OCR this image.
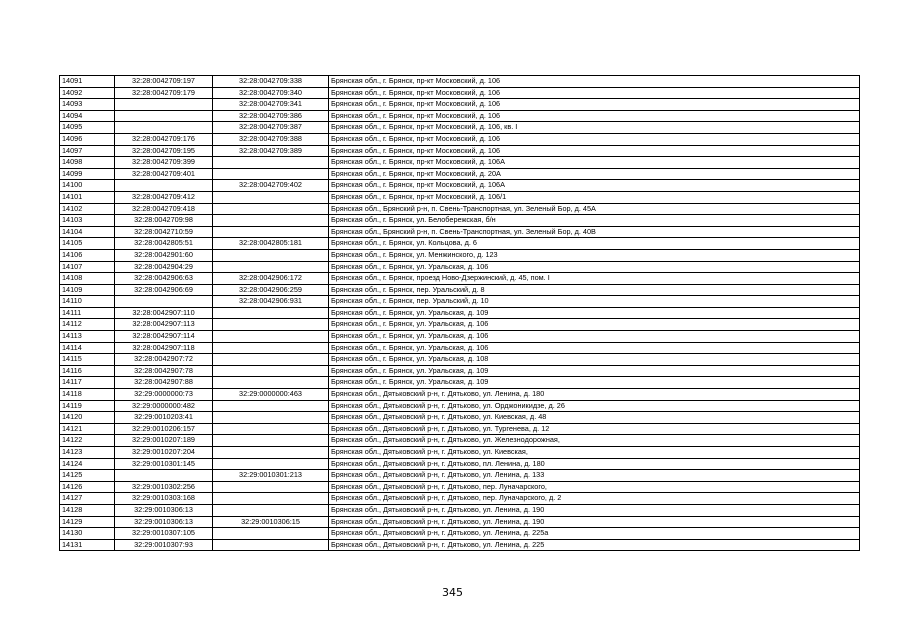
14091	32:28:0042709:197	32:28:0042709:338	Брянская обл., г. Брянск, пр-кт Московский, д. 106
14092	32:28:0042709:179	32:28:0042709:340	Брянская обл., г. Брянск, пр-кт Московский, д. 106
14093		32:28:0042709:341	Брянская обл., г. Брянск, пр-кт Московский, д. 106
14094		32:28:0042709:386	Брянская обл., г. Брянск, пр-кт Московский, д. 106
14095		32:28:0042709:387	Брянская обл., г. Брянск, пр-кт Московский, д. 106, кв. I
14096	32:28:0042709:176	32:28:0042709:388	Брянская обл., г. Брянск, пр-кт Московский, д. 106
14097	32:28:0042709:195	32:28:0042709:389	Брянская обл., г. Брянск, пр-кт Московский, д. 106
14098	32:28:0042709:399		Брянская обл., г. Брянск, пр-кт Московский, д. 106А
14099	32:28:0042709:401		Брянская обл., г. Брянск, пр-кт Московский, д. 20А
14100		32:28:0042709:402	Брянская обл., г. Брянск, пр-кт Московский, д. 106А
14101	32:28:0042709:412		Брянская обл., г. Брянск, пр-кт Московский, д. 106/1
14102	32:28:0042709:418		Брянская обл., Брянский р-н, п. Свень-Транспортная, ул. Зеленый Бор, д. 45А
14103	32:28:0042709:98		Брянская обл., г. Брянск, ул. Белобережская, б/н
14104	32:28:0042710:59		Брянская обл., Брянский р-н, п. Свень-Транспортная, ул. Зеленый Бор, д. 40В
14105	32:28:0042805:51	32:28:0042805:181	Брянская обл., г. Брянск, ул. Кольцова, д. 6
14106	32:28:0042901:60		Брянская обл., г. Брянск, ул. Менжинского, д. 123
14107	32:28:0042904:29		Брянская обл., г. Брянск, ул. Уральская, д. 106
14108	32:28:0042906:63	32:28:0042906:172	Брянская обл., г. Брянск, проезд Ново-Дзержинский, д. 45, пом. I
14109	32:28:0042906:69	32:28:0042906:259	Брянская обл., г. Брянск, пер. Уральский, д. 8
14110		32:28:0042906:931	Брянская обл., г. Брянск, пер. Уральский, д. 10
14111	32:28:0042907:110		Брянская обл., г. Брянск, ул. Уральская, д. 109
14112	32:28:0042907:113		Брянская обл., г. Брянск, ул. Уральская, д. 106
14113	32:28:0042907:114		Брянская обл., г. Брянск, ул. Уральская, д. 106
14114	32:28:0042907:118		Брянская обл., г. Брянск, ул. Уральская, д. 106
14115	32:28:0042907:72		Брянская обл., г. Брянск, ул. Уральская, д. 108
14116	32:28:0042907:78		Брянская обл., г. Брянск, ул. Уральская, д. 109
14117	32:28:0042907:88		Брянская обл., г. Брянск, ул. Уральская, д. 109
14118	32:29:0000000:73	32:29:0000000:463	Брянская обл., Дятьковский р-н, г. Дятьково, ул. Ленина, д. 180
14119	32:29:0000000:482		Брянская обл., Дятьковский р-н, г. Дятьково, ул. Орджоникидзе, д. 26
14120	32:29:0010203:41		Брянская обл., Дятьковский р-н, г. Дятьково, ул. Киевская, д. 48
14121	32:29:0010206:157		Брянская обл., Дятьковский р-н, г. Дятьково, ул. Тургенева, д. 12
14122	32:29:0010207:189		Брянская обл., Дятьковский р-н, г. Дятьково, ул. Железнодорожная,
14123	32:29:0010207:204		Брянская обл., Дятьковский р-н, г. Дятьково, ул. Киевская,
14124	32:29:0010301:145		Брянская обл., Дятьковский р-н, г. Дятьково, пл. Ленина, д. 180
14125		32:29:0010301:213	Брянская обл., Дятьковский р-н, г. Дятьково, ул. Ленина, д. 133
14126	32:29:0010302:256		Брянская обл., Дятьковский р-н, г. Дятьково, пер. Луначарского,
14127	32:29:0010303:168		Брянская обл., Дятьковский р-н, г. Дятьково, пер. Луначарского, д. 2
14128	32:29:0010306:13		Брянская обл., Дятьковский р-н, г. Дятьково, ул. Ленина, д. 190
14129	32:29:0010306:13	32:29:0010306:15	Брянская обл., Дятьковский р-н, г. Дятьково, ул. Ленина, д. 190
14130	32:29:0010307:105		Брянская обл., Дятьковский р-н, г. Дятьково, ул. Ленина, д. 225а
14131	32:29:0010307:93		Брянская обл., Дятьковский р-н, г. Дятьково, ул. Ленина, д. 225
345
